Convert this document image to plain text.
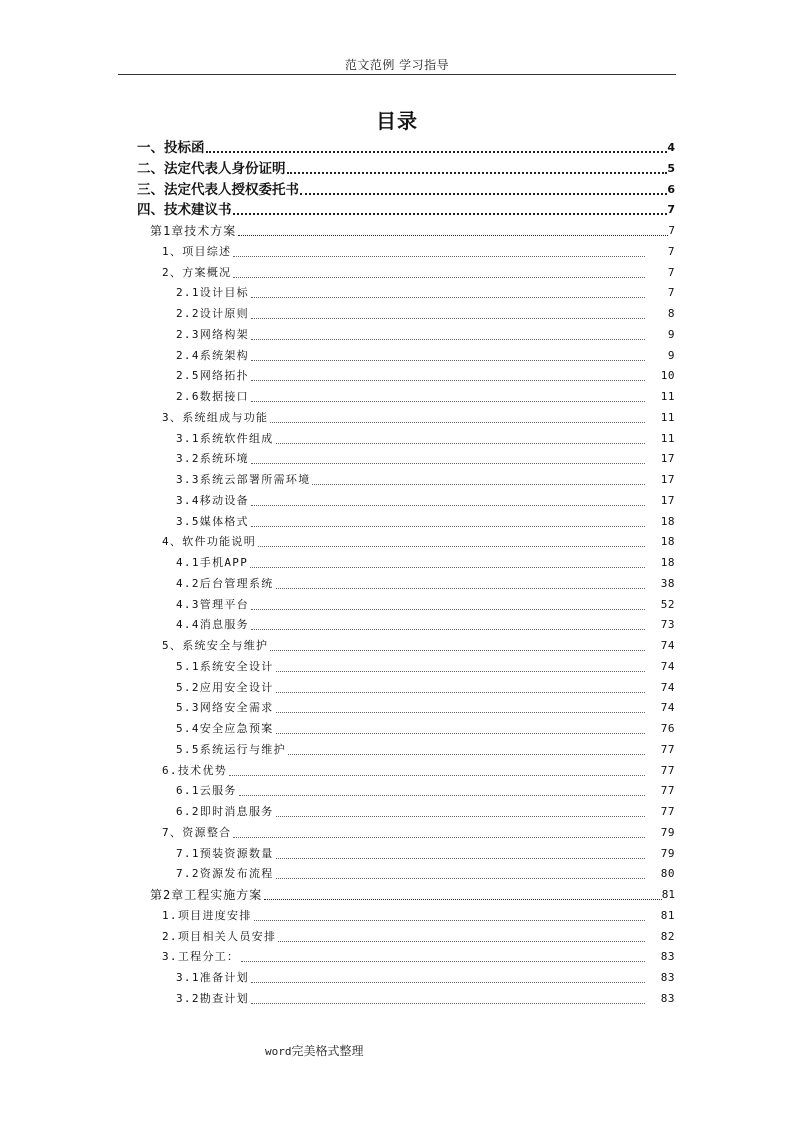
范文范例 学习指导
目录
一、投标函	4
二、法定代表人身份证明	5
三、法定代表人授权委托书	6
四、技术建议书	7
第1章技术方案	7
1、项目综述	7
2、方案概况	7
2.1设计目标	7
2.2设计原则	8
2.3网络构架	9
2.4系统架构	9
2.5网络拓扑	10
2.6数据接口	11
3、系统组成与功能	11
3.1系统软件组成	11
3.2系统环境	17
3.3系统云部署所需环境	17
3.4移动设备	17
3.5媒体格式	18
4、软件功能说明	18
4.1手机APP	18
4.2后台管理系统	38
4.3管理平台	52
4.4消息服务	73
5、系统安全与维护	74
5.1系统安全设计	74
5.2应用安全设计	74
5.3网络安全需求	74
5.4安全应急预案	76
5.5系统运行与维护	77
6.技术优势	77
6.1云服务	77
6.2即时消息服务	77
7、资源整合	79
7.1预装资源数量	79
7.2资源发布流程	80
第2章工程实施方案	81
1.项目进度安排	81
2.项目相关人员安排	82
3.工程分工：	83
3.1准备计划	83
3.2勘查计划	83
word完美格式整理
